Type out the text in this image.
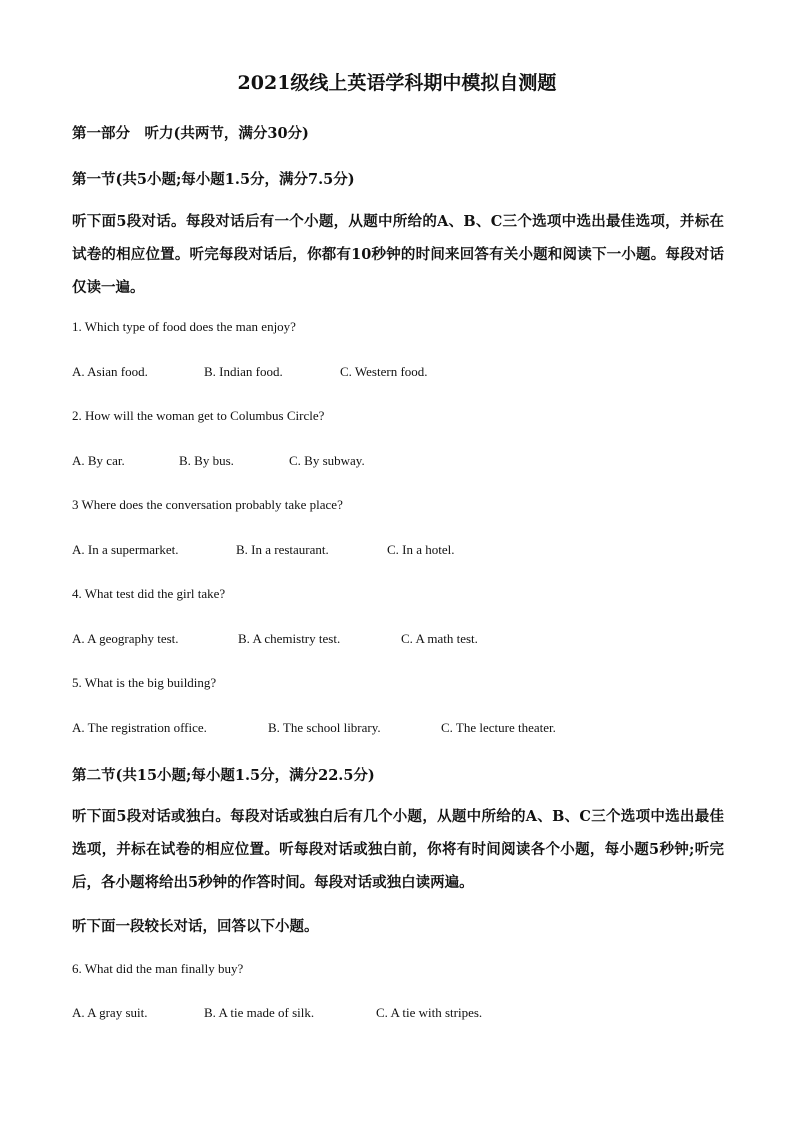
2021级线上英语学科期中模拟自测题
第一部分　听力(共两节，满分30分)
第一节(共5小题;每小题1.5分，满分7.5分)
听下面5段对话。每段对话后有一个小题，从题中所给的A、B、C三个选项中选出最佳选项，并标在试卷的相应位置。听完每段对话后，你都有10秒钟的时间来回答有关小题和阅读下一小题。每段对话仅读一遍。
1. Which type of food does the man enjoy?
A. Asian food.	B. Indian food.	C. Western food.
2. How will the woman get to Columbus Circle?
A. By car.	B. By bus.	C. By subway.
3 Where does the conversation probably take place?
A. In a supermarket.	B. In a restaurant.	C. In a hotel.
4. What test did the girl take?
A. A geography test.	B. A chemistry test.	C. A math test.
5. What is the big building?
A. The registration office.	B. The school library.	C. The lecture theater.
第二节(共15小题;每小题1.5分，满分22.5分)
听下面5段对话或独白。每段对话或独白后有几个小题，从题中所给的A、B、C三个选项中选出最佳选项，并标在试卷的相应位置。听每段对话或独白前，你将有时间阅读各个小题，每小题5秒钟;听完后，各小题将给出5秒钟的作答时间。每段对话或独白读两遍。
听下面一段较长对话，回答以下小题。
6. What did the man finally buy?
A. A gray suit.	B. A tie made of silk.	C. A tie with stripes.
